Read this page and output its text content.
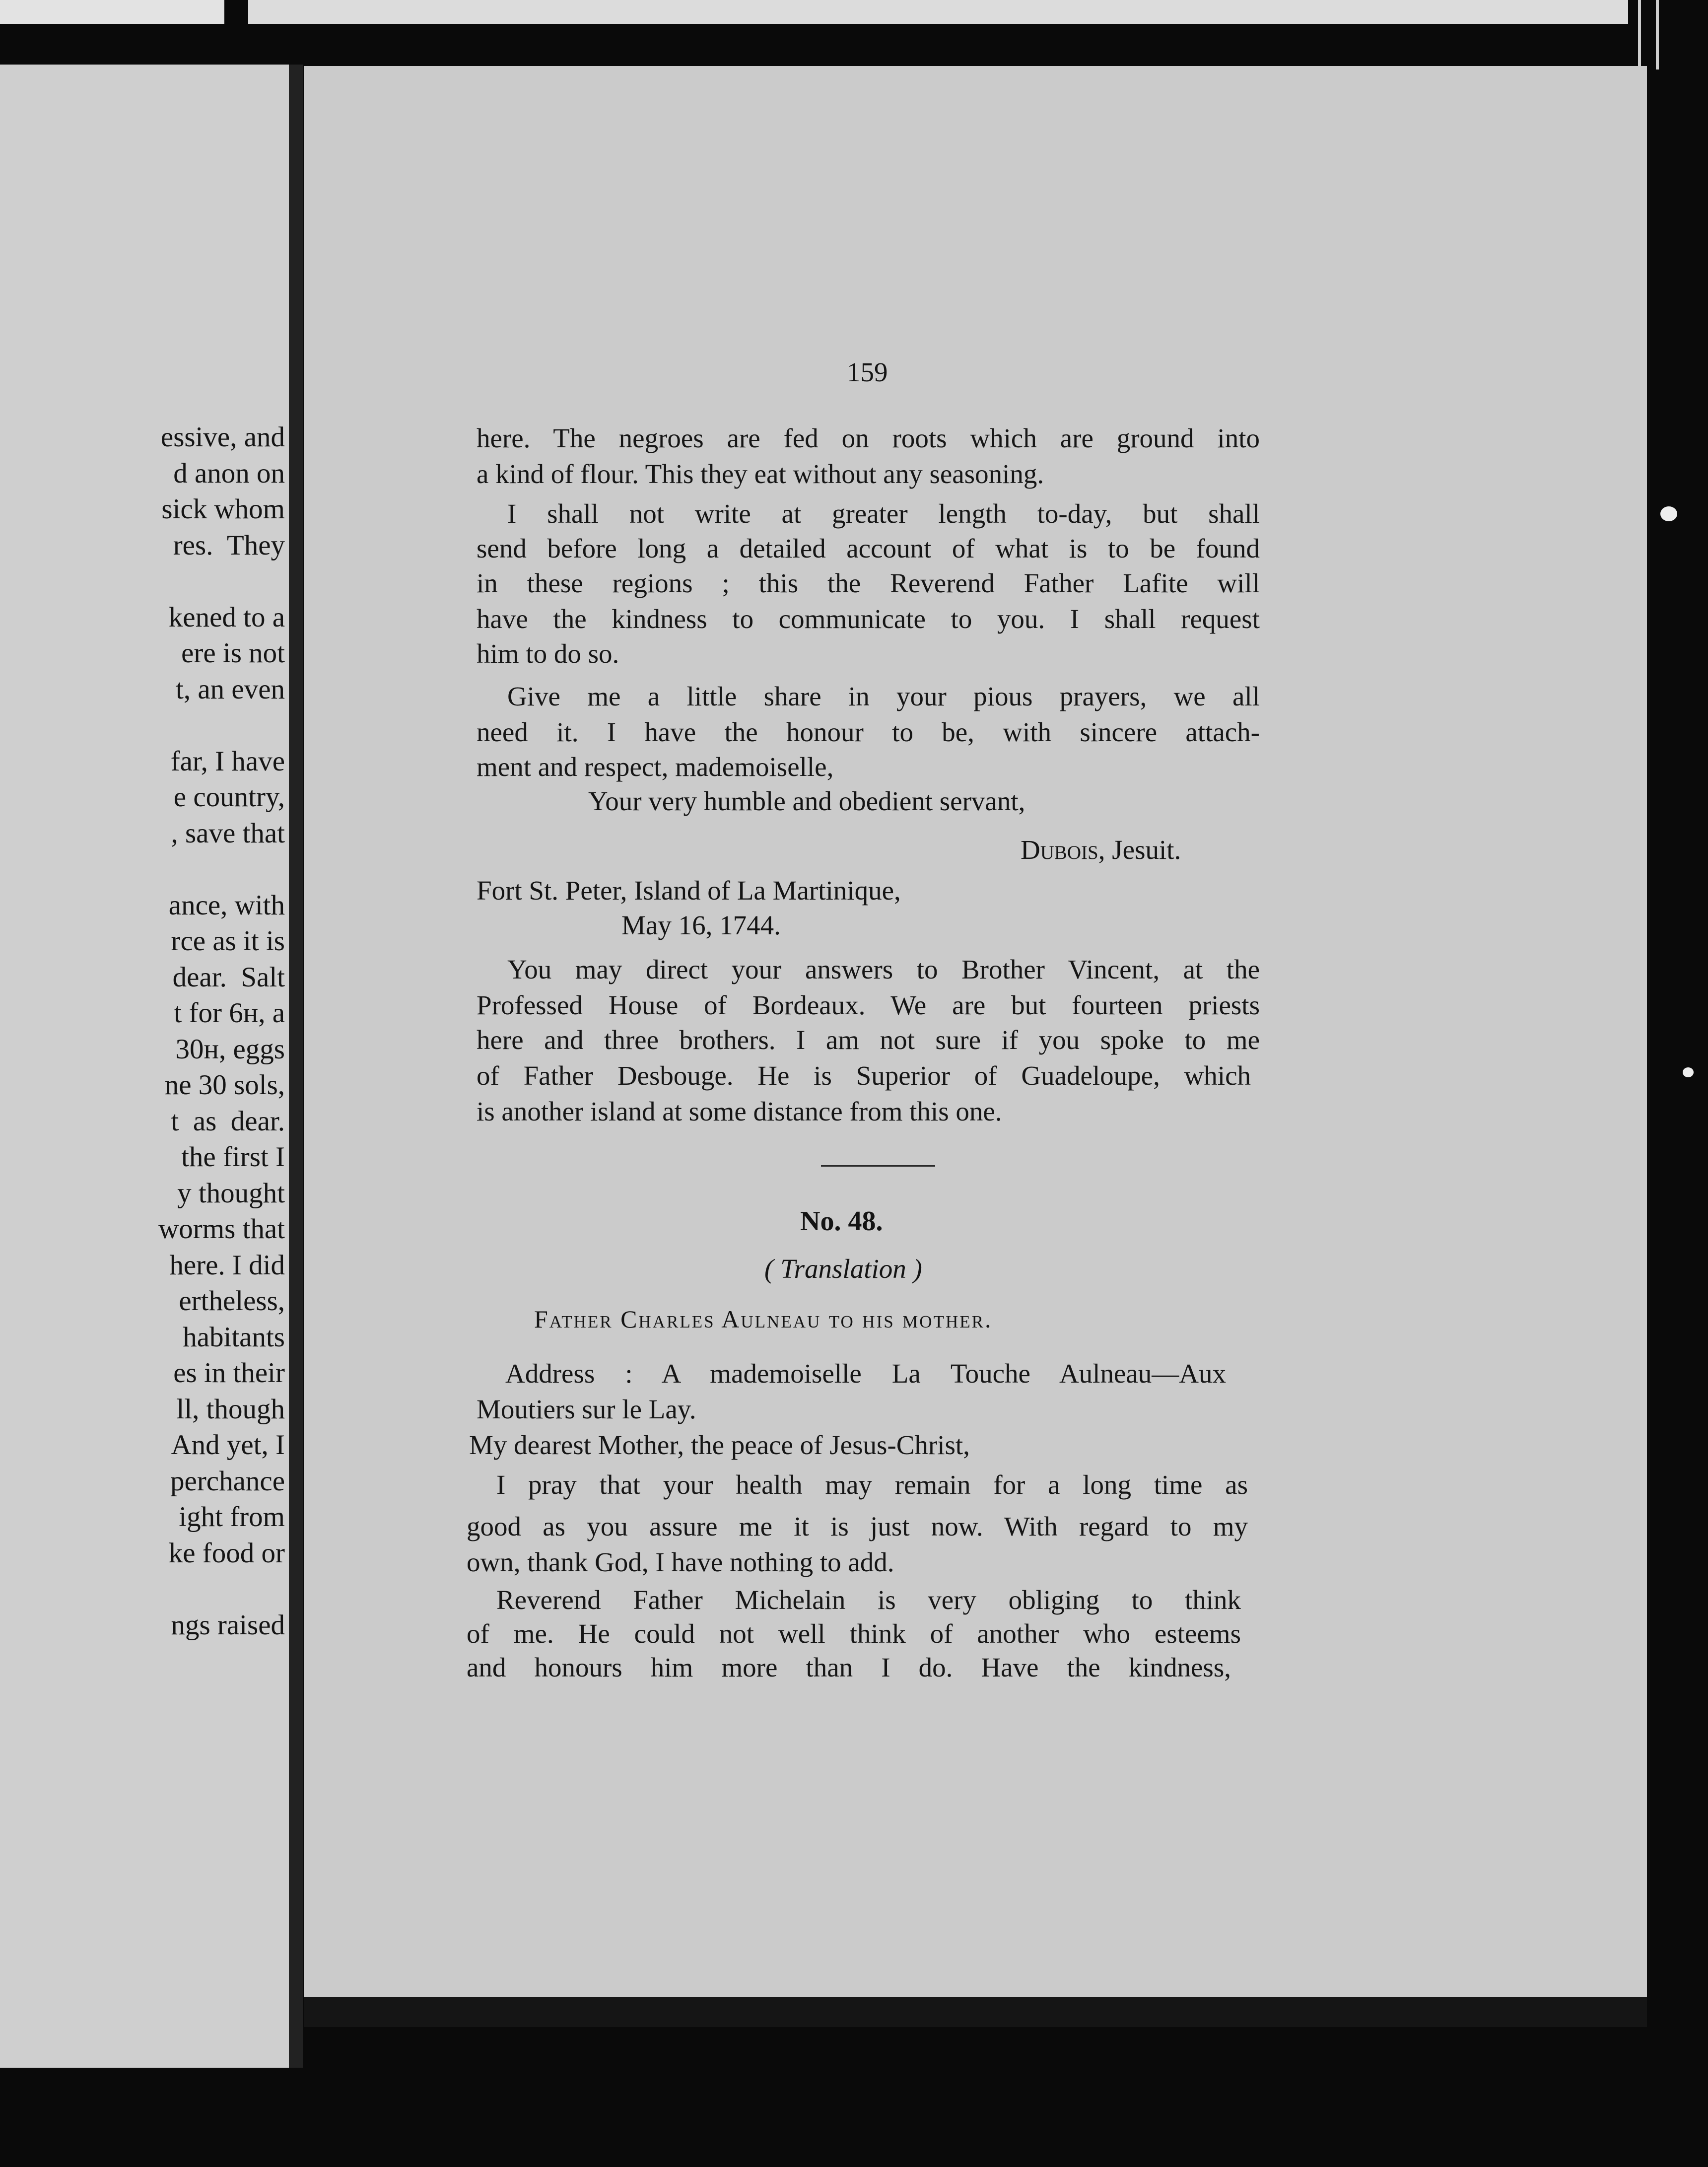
essive, and
d anon on
sick whom
res.  They

kened to a
ere is not
t, an even

far, I have
e country,
, save that

ance, with
rce as it is
dear.  Salt
t for 6ʜ, a
30ʜ, eggs
ne 30 sols,
t  as  dear.
the first I
y thought
worms that
here. I did
ertheless,
habitants
es in their
ll, though
And yet, I
perchance
ight from
ke food or

ngs raised
159
here. The negroes are fed on roots which are ground into
a kind of flour. This they eat without any seasoning.
I shall not write at greater length to-day, but shall
send before long a detailed account of what is to be found
in these regions ; this the Reverend Father Lafite will
have the kindness to communicate to you. I shall request
him to do so.
Give me a little share in your pious prayers, we all
need it. I have the honour to be, with sincere attach-
ment and respect, mademoiselle,
Your very humble and obedient servant,
Dubois, Jesuit.
Fort St. Peter, Island of La Martinique,
May 16, 1744.
You may direct your answers to Brother Vincent, at the
Professed House of Bordeaux. We are but fourteen priests
here and three brothers. I am not sure if you spoke to me
of Father Desbouge. He is Superior of Guadeloupe, which
is another island at some distance from this one.
No. 48.
( Translation )
Father Charles Aulneau to his mother.
Address : A mademoiselle La Touche Aulneau—Aux
Moutiers sur le Lay.
My dearest Mother, the peace of Jesus-Christ,
I pray that your health may remain for a long time as
good as you assure me it is just now. With regard to my
own, thank God, I have nothing to add.
Reverend Father Michelain is very obliging to think
of me. He could not well think of another who esteems
and honours him more than I do. Have the kindness,
